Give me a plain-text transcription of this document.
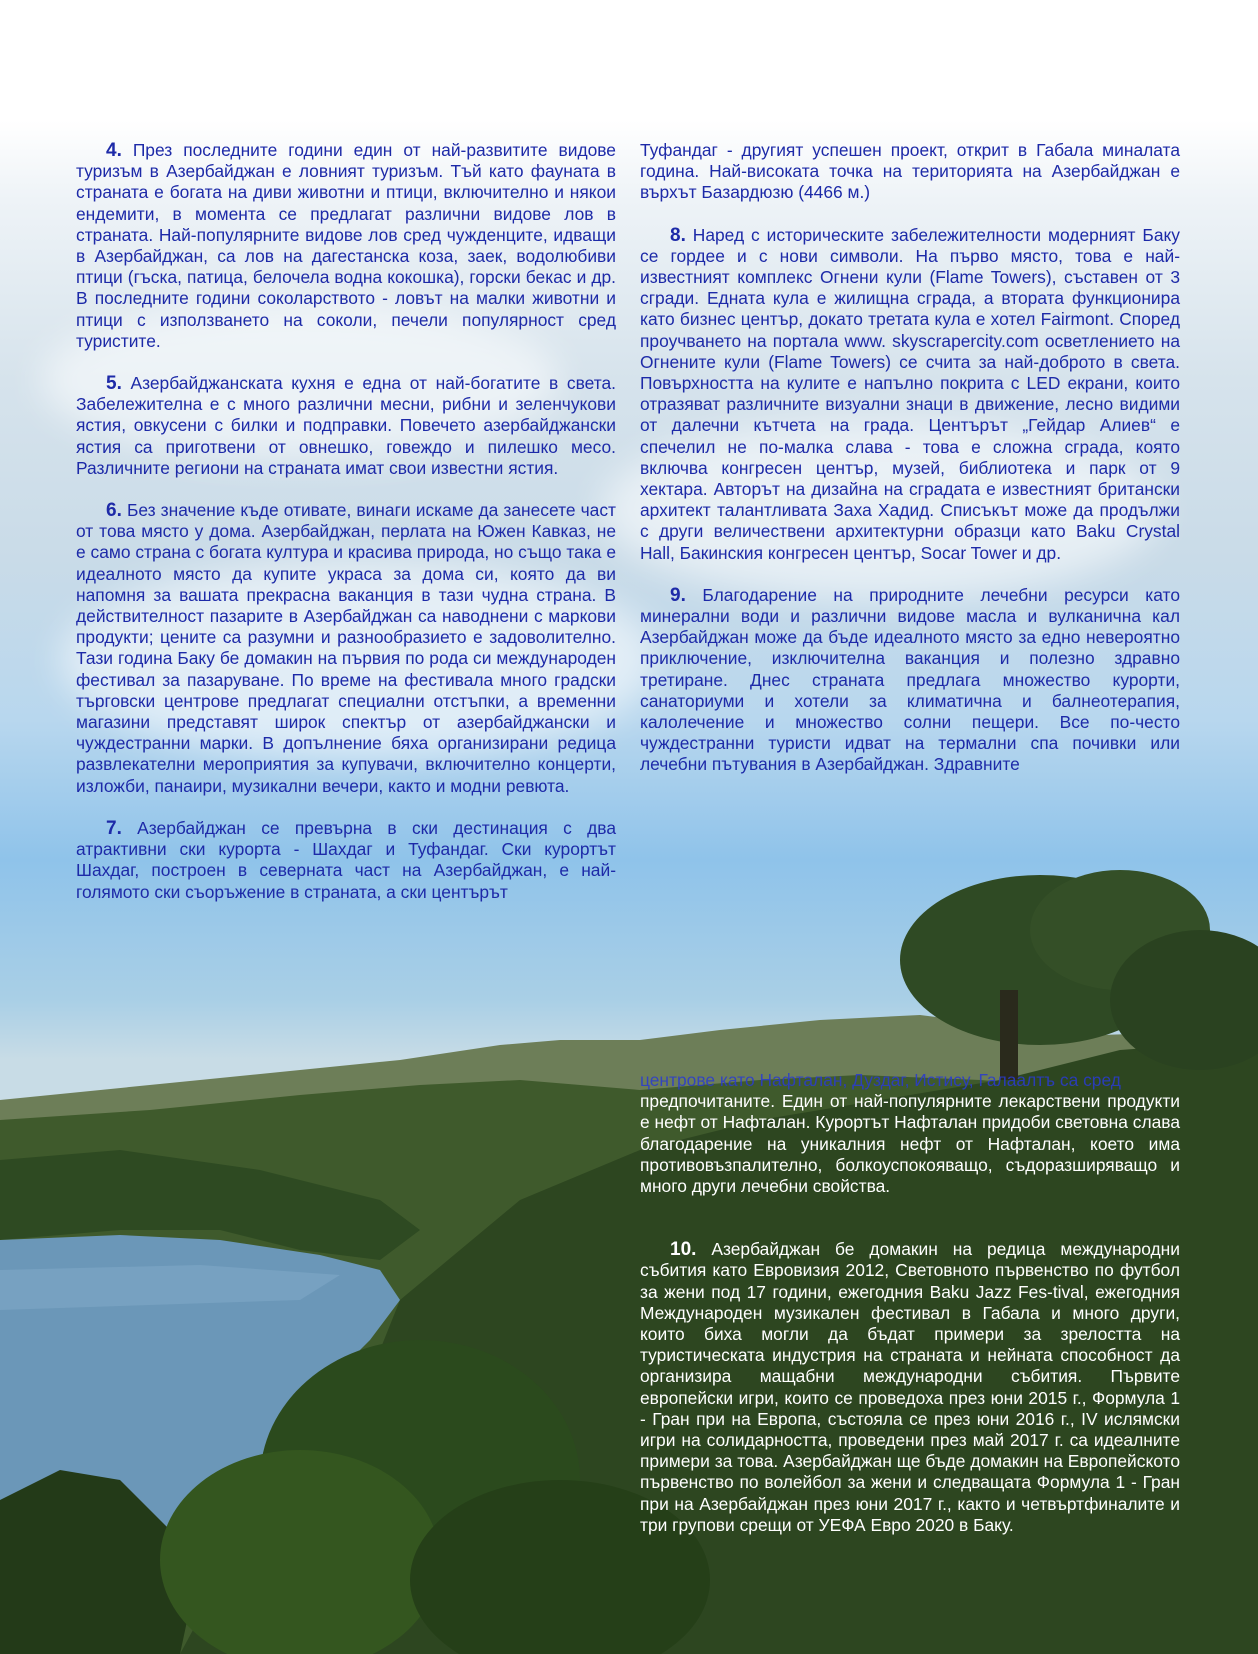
4. През последните години един от най-развитите видове туризъм в Азербайджан е ловният туризъм. Тъй като фауната в страната е богата на диви животни и птици, включително и някои ендемити, в момента се предлагат различни видове лов в страната. Най-популярните видове лов сред чужденците, идващи в Азербайджан, са лов на дагестанска коза, заек, водолюбиви птици (гъска, патица, белочела водна кокошка), горски бекас и др. В последните години соколарството - ловът на малки животни и птици с използването на соколи, печели популярност сред туристите.

5. Азербайджанската кухня е една от най-богатите в света. Забележителна е с много различни месни, рибни и зеленчукови ястия, овкусени с билки и подправки. Повечето азербайджански ястия са приготвени от овнешко, говеждо и пилешко месо. Различните региони на страната имат свои известни ястия.

6. Без значение къде отивате, винаги искаме да занесете част от това място у дома. Азербайджан, перлата на Южен Кавказ, не е само страна с богата култура и красива природа, но също така е идеалното място да купите украса за дома си, която да ви напомня за вашата прекрасна ваканция в тази чудна страна. В действителност пазарите в Азербайджан са наводнени с маркови продукти; цените са разумни и разнообразието е задоволително. Тази година Баку бе домакин на първия по рода си международен фестивал за пазаруване. По време на фестивала много градски търговски центрове предлагат специални отстъпки, а временни магазини представят широк спектър от азербайджански и чуждестранни марки. В допълнение бяха организирани редица развлекателни мероприятия за купувачи, включително концерти, изложби, панаири, музикални вечери, както и модни ревюта.

7. Азербайджан се превърна в ски дестинация с два атрактивни ски курорта - Шахдаг и Туфандаг. Ски курортът Шахдаг, построен в северната част на Азербайджан, е най-голямото ски съоръжение в страната, а ски центърът

Туфандаг - другият успешен проект, открит в Габала миналата година. Най-високата точка на територията на Азербайджан е върхът Базардюзю (4466 м.)

8. Наред с историческите забележителности модерният Баку се гордее и с нови символи. На първо място, това е най-известният комплекс Огнени кули (Flame Towers), съставен от 3 сгради. Едната кула е жилищна сграда, а втората функционира като бизнес център, докато третата кула е хотел Fairmont. Според проучването на портала www. skyscrapercity.com осветлението на Огнените кули (Flame Towers) се счита за най-доброто в света. Повърхността на кулите е напълно покрита с LED екрани, които отразяват различните визуални знаци в движение, лесно видими от далечни кътчета на града. Центърът „Гейдар Алиев“ е спечелил не по-малка слава - това е сложна сграда, която включва конгресен център, музей, библиотека и парк от 9 хектара. Авторът на дизайна на сградата е известният британски архитект талантливата Заха Хадид. Списъкът може да продължи с други величествени архитектурни образци като Baku Crystal Hall, Бакинския конгресен център, Socar Tower и др.

9. Благодарение на природните лечебни ресурси като минерални води и различни видове масла и вулканична кал Азербайджан може да бъде идеалното място за едно невероятно приключение, изключителна ваканция и полезно здравно третиране. Днес страната предлага множество курорти, санаториуми и хотели за климатична и балнеотерапия, калолечение и множество солни пещери. Все по-често чуждестранни туристи идват на термални спа почивки или лечебни пътувания в Азербайджан. Здравните

центрове като Нафталан, Дуздаг, Истису, Галаалтъ са сред

предпочитаните. Един от най-популярните лекарствени продукти е нефт от Нафталан. Курортът Нафталан придоби световна слава благодарение на уникалния нефт от Нафталан, което има противовъзпалително, болкоуспокояващо, съдоразширяващо и много други лечебни свойства.

10. Азербайджан бе домакин на редица международни събития като Евровизия 2012, Световното първенство по футбол за жени под 17 години, ежегодния Baku Jazz Fes-tival, ежегодния Международен музикален фестивал в Габала и много други, които биха могли да бъдат примери за зрелостта на туристическата индустрия на страната и нейната способност да организира мащабни международни събития. Първите европейски игри, които се проведоха през юни 2015 г., Формула 1 - Гран при на Европа, състояла се през юни 2016 г., IV ислямски игри на солидарността, проведени през май 2017 г. са идеалните примери за това. Азербайджан ще бъде домакин на Европейското първенство по волейбол за жени и следващата Формула 1 - Гран при на Азербайджан през юни 2017 г., както и четвъртфиналите и три групови срещи от УЕФА Евро 2020 в Баку.
